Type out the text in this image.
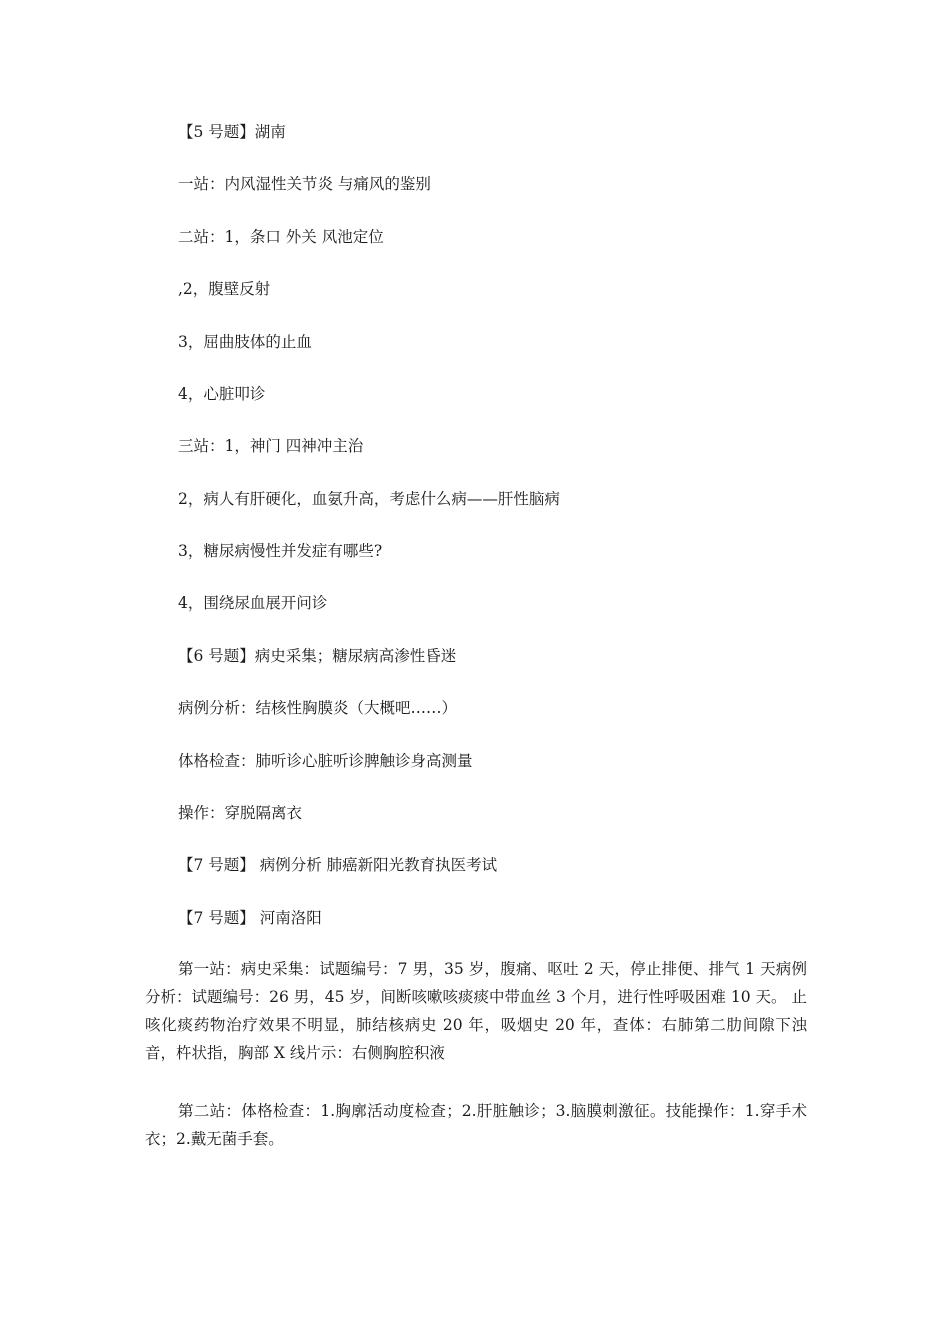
【5 号题】湖南

一站：内风湿性关节炎 与痛风的鉴别

二站：1，条口 外关 风池定位

,2，腹壁反射

3，屈曲肢体的止血

4，心脏叩诊

三站：1，神门 四神冲主治

2，病人有肝硬化，血氨升高，考虑什么病——肝性脑病

3，糖尿病慢性并发症有哪些?

4，围绕尿血展开问诊

【6 号题】病史采集；糖尿病高渗性昏迷

病例分析：结核性胸膜炎（大概吧……）

体格检查：肺听诊心脏听诊脾触诊身高测量

操作：穿脱隔离衣

【7 号题】 病例分析 肺癌新阳光教育执医考试

【7 号题】 河南洛阳

第一站：病史采集：试题编号：7 男，35 岁，腹痛、呕吐 2 天，停止排便、排气 1 天病例分析：试题编号：26 男，45 岁，间断咳嗽咳痰痰中带血丝 3 个月，进行性呼吸困难 10 天。 止咳化痰药物治疗效果不明显，肺结核病史 20 年，吸烟史 20 年，查体：右肺第二肋间隙下浊音，杵状指，胸部 X 线片示：右侧胸腔积液

第二站：体格检查：1.胸廓活动度检查；2.肝脏触诊；3.脑膜刺激征。技能操作：1.穿手术衣；2.戴无菌手套。
